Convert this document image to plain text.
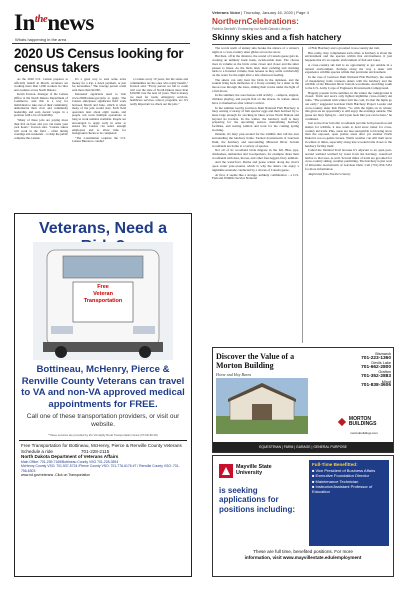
$In^{the}news$
Whats happening in the area
Veterans Voice | Thursday, January 16, 2020 | Page 4
2020 US Census looking for census takers

As the 2020 U.S. Census prepares to officially launch in March, recruiters are working more than 1,000 workers in cities and counties across North Dakota.

Kevin Iverson, manager of the Census Office at the North Dakota Department of Commerce, said this is a way for individuals to take care of their community, demonstrate their civic and community leadership and earn decent wages in a position with a lot of flexibility.

"Many of these jobs are paying more than $16 an hour and you can name your own hours," Iverson said. "Census takers will work in the field – often during evenings and weekends – to help the public complete the Census.

It's a great way to earn some extra money for a trip, a down payment, or just for necessities." The average person could earn more than $2,000.

Interested applicants need to visit www.2020Census.gov/jobs to apply. The Census anticipates significant field work between March and June, which is when many of the jobs would start. Each field operation lasts about eight weeks, and people can work multiple operations as long as work remains available. People are encouraged to apply early in order to ensure the Census can select enough employees and to allow time for background checks to be completed.

"The Constitution requires the U.S. Census Bureau to conduct

a Census every 10 years, but the states and communities are the ones who really benefit," Iverson said. "Every person we fail to count will cost the state of North Dakota more than $19,000 over the next 10 years. That is money we need for roads, emergency services, healthcare services, school, programs, etc. It's really important we check out the jobs."

Veterans, Need a
Free
Veteran
Transportation
Bottineau, McHenry, Pierce & Renville County Veterans can travel to VA and non-VA approved medical appointments for FREE.
Call one of these transportation providers, or visit our website.
*These services are provided by the VA Highly Rural Transportation Grant (VTGR-60-00)
Free Transportation for Bottineau, McHenry, Pierce & Renville County Veterans
Schedule a ride	701-228-2115
North Dakota Department of Veterans Affairs
Main Office: 701-239-7165/Bottineau County VSO 701-228-3594
McHenry County VSO: 701-537-5724 /Pierce County VSO: 701-776-6176 #7 / Renville County VSO: 701-756-6303
www.nd.gov/veterans -Click on Transportation
NorthernCelebrations:
Patricia Stockdill / Embracing our North Dakota Lifestyle
Skinny skies and a fish hatchery

The words north of skinny skis breaks the silence of a winter's night as a cross-country skier glides across the snow.

But then, off in the distance, the sound of Canada geese gets in, creating an unlikely honk honk, swish-swish duet. The chorus rises in volume as the birds come closer and closer and the skier pauses to listen. As the birds land, their cackling and clucking turns to a frenzied volume, then lessens as they settle comfortably on the water for the night after a late afternoon feeding.

The skiers can only hear the birds in the darkness, and the sounds bring back memories of a frosty evening for a skier as the moon rose through the trees, sliding their tracks under the light of a full moon.

In the summer, the area buzzes with activity – campers, anglers, children playing, and people fish on the shores. In winter, skiers have to themselves after winter's arrival.

In the summer nearby Garrison Dam National Fish Hatchery is busy rearing a variety of fish species' eggs and their hatched fry to sizes large enough for stocking in lakes across North Dakota and beyond its borders. In the winter, the hatchery staff is busy preparing for the upcoming season, maintaining hatchery facilities, and rearing salmon and trout for the coming spring stocking.

Outside, it's busy year-around for the wildlife that call the area surrounding the hatchery home. Tucked downstream of Garrison Dam, the hatchery and surrounding Missouri River bottom woodlands are home to a variety of species.

Not all of its woodland birds migrate in the fall. Blue jays, chickadees, nuthatches and woodpeckers, for example, share their woodlands with deer, moose, and other four-legged, furry animals.

And the waterfowl. Ducks and geese winter along the river's open water year-around, which is why the skiers can enjoy a nighttime serenade conducted by a chorus of Canada geese.

At first, it seems like a strange, unlikely combination – a U.S. Fish and Wildlife Service National

of Fish Hatchery and a groomed cross-country ski trail.

But, really, they complement each other. A hatchery is about the environment and the species within that environment. It just happens that it's an aquatic environment of fish and water.

A cross-country ski trail is an opportunity to get outside in a natural environment. Perhaps along the way a skier will experience wildlife species within that particular environment.

In the case of Garrison Dam National Fish Hatchery, the rustle of meandering trails connects skiers with the hatchery and the wildlife of the Missouri River bottom woodlands, stretching south to the U.S. Army Corps of Engineers Downstream Campground.

Happily popular in the summer, in the winter the campground is closed. Trails and area's only lighted nighttime cross-country ski trails. "The problem with winter isn't the cold, it's that the lights go out early," suggested Garrison Dam Hatchery Project Leader and cross-country skier Rob Holm. "So with the lights on in winter, this gives us an opportunity to still enjoy the evenings outside. The geese are busy flying in – and it just feels like you can be here," he continued.

Just as the river bottoms' woodlands provide both protection and shelter for wildlife, it also tends to hold snow better for cross-country ski trails. Plus, areas are less susceptible to blowing snow than the exposed, open prairie areas after yet another North Dakota's not-so-gentle breeze. Warm weather can still melt snow in winter at times, especially along less wooded trails closer to the hatchery facility itself.

Called the Wetland Trail because it's adjacent to an open-year-around wetland warmed by water from the hatchery, waterfowl harbor to that area, as well. Several miles of trails are groomed for cross-country skiing, weather permitting. The hatchery is just west of Riverdale downstream of Garrison Dam. Call (701) 654-7451 for more information.

-Reprinted from Northern Sentry

Discover the Value of a Morton Building
Horse and Hay Barns
Bismarck
701-223-1360
Devils Lake
701-662-2800
Grafton
701-352-2883
Minot
701-838-3606
MORTON BUILDINGS
mortonbuildings.com
EQUESTRIAN | FARM | GARAGE | GENERAL PURPOSE
Mayville State University
is seeking applications for positions including:
Full-Time Benefitted:
■ Vice President of Business Affairs
■ Executive Foundation Director
■ Maintenance Technician
■ Instructor/Assistant Professor of Education
These are full time, benefited positions. For more
information, visit www.mayvillestate.edu/employment
